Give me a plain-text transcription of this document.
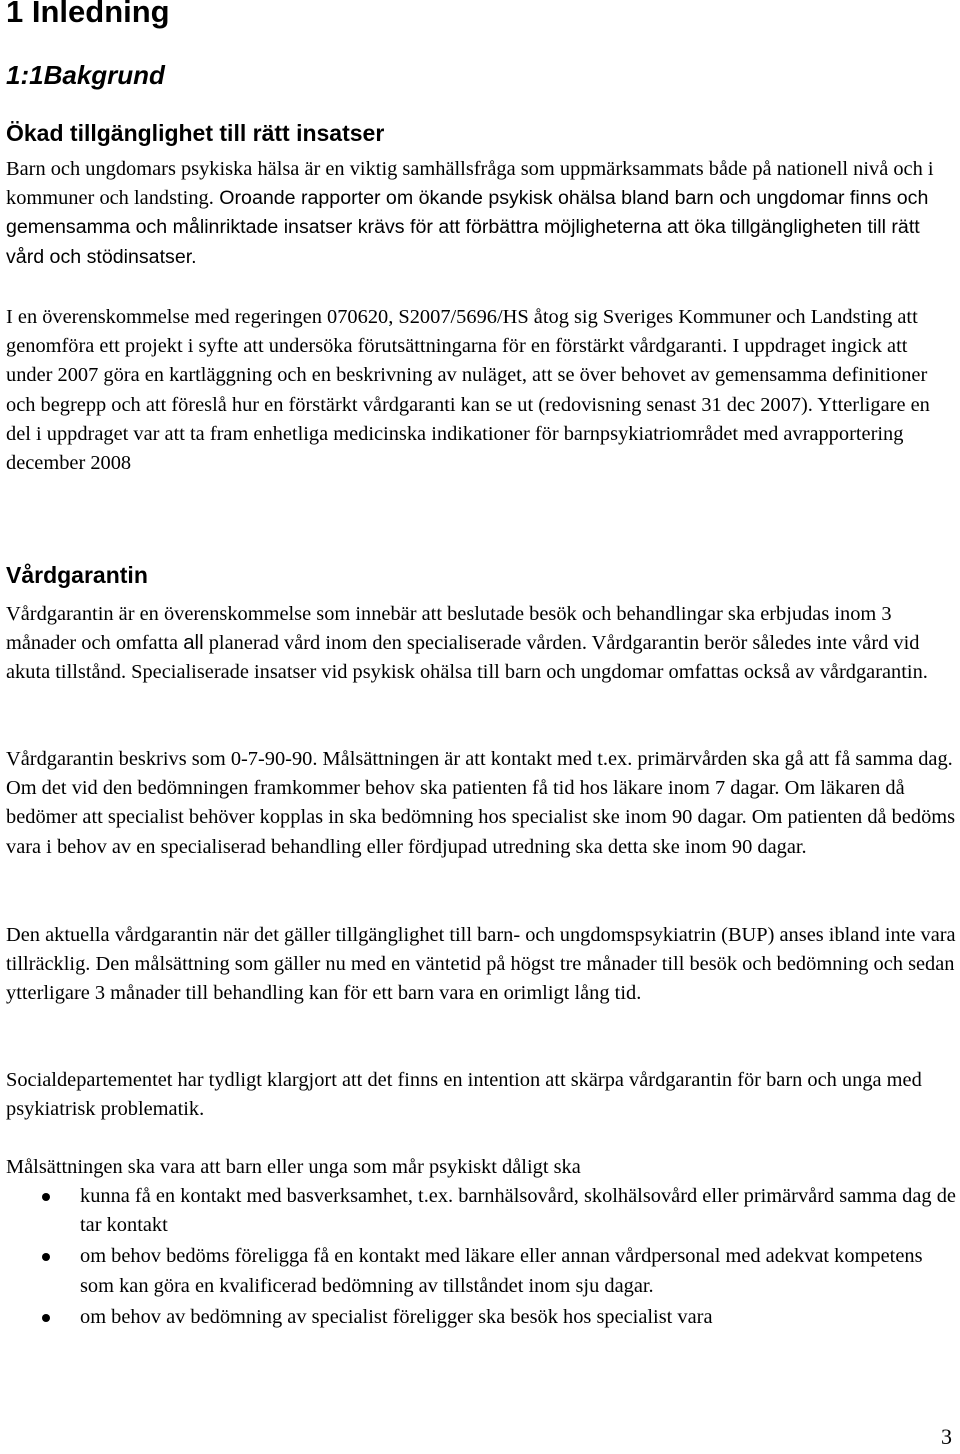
1 Inledning
1:1Bakgrund
Ökad tillgänglighet till rätt insatser

Barn och ungdomars psykiska hälsa är en viktig samhällsfråga som uppmärksammats både på nationell nivå och i kommuner och landsting. Oroande rapporter om ökande psykisk ohälsa bland barn och ungdomar finns och gemensamma och målinriktade insatser krävs för att förbättra möjligheterna att öka tillgängligheten till rätt vård och stödinsatser.

I en överenskommelse med regeringen 070620, S2007/5696/HS åtog sig Sveriges Kommuner och Landsting att genomföra ett projekt i syfte att undersöka förutsättningarna för en förstärkt vårdgaranti. I uppdraget ingick att under 2007 göra en kartläggning och en beskrivning av nuläget, att se över behovet av gemensamma definitioner och begrepp och att föreslå hur en förstärkt vårdgaranti kan se ut (redovisning senast 31 dec 2007). Ytterligare en del i uppdraget var att ta fram enhetliga medicinska indikationer för barnpsykiatriområdet med avrapportering december 2008

Vårdgarantin

Vårdgarantin är en överenskommelse som innebär att beslutade besök och behandlingar ska erbjudas inom 3 månader och omfatta all planerad vård inom den specialiserade vården. Vårdgarantin berör således inte vård vid akuta tillstånd. Specialiserade insatser vid psykisk ohälsa till barn och ungdomar omfattas också av vårdgarantin.

Vårdgarantin beskrivs som 0-7-90-90. Målsättningen är att kontakt med t.ex. primärvården ska gå att få samma dag. Om det vid den bedömningen framkommer behov ska patienten få tid hos läkare inom 7 dagar. Om läkaren då bedömer att specialist behöver kopplas in ska bedömning hos specialist ske inom 90 dagar. Om patienten då bedöms vara i behov av en specialiserad behandling eller fördjupad utredning ska detta ske inom 90 dagar.

Den aktuella vårdgarantin när det gäller tillgänglighet till barn- och ungdomspsykiatrin (BUP) anses ibland inte vara tillräcklig. Den målsättning som gäller nu med en väntetid på högst tre månader till besök och bedömning och sedan ytterligare 3 månader till behandling kan för ett barn vara en orimligt lång tid.

Socialdepartementet har tydligt klargjort att det finns en intention att skärpa vårdgarantin för barn och unga med psykiatrisk problematik.

Målsättningen ska vara att barn eller unga som mår psykiskt dåligt ska

kunna få en kontakt med basverksamhet, t.ex. barnhälsovård, skolhälsovård eller primärvård samma dag de tar kontakt
om behov bedöms föreligga få en kontakt med läkare eller annan vårdpersonal med adekvat kompetens som kan göra en kvalificerad bedömning av tillståndet inom sju dagar.
om behov av bedömning av specialist föreligger ska besök hos specialist vara
3
